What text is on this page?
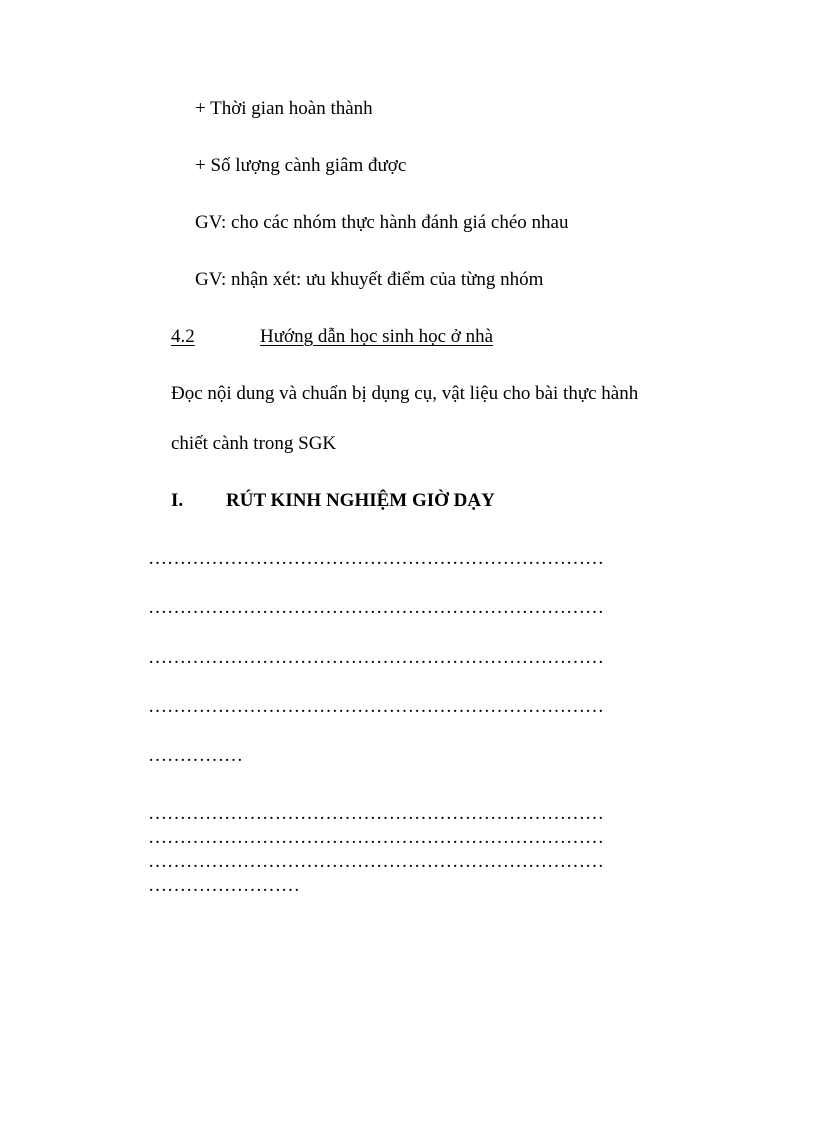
+ Thời gian hoàn thành
+ Số lượng cành giâm được
GV: cho các nhóm thực hành đánh giá chéo nhau
GV: nhận xét: ưu khuyết điểm của từng nhóm
4.2	Hướng dẫn học sinh học ở nhà
Đọc nội dung và chuẩn bị dụng cụ, vật liệu cho bài thực hành
chiết cành trong SGK
I. RÚT KINH NGHIỆM GIỜ DẠY
………………………………………………………………
………………………………………………………………
………………………………………………………………
………………………………………………………………
……………
………………………………………………………………
………………………………………………………………
………………………………………………………………
……………………
